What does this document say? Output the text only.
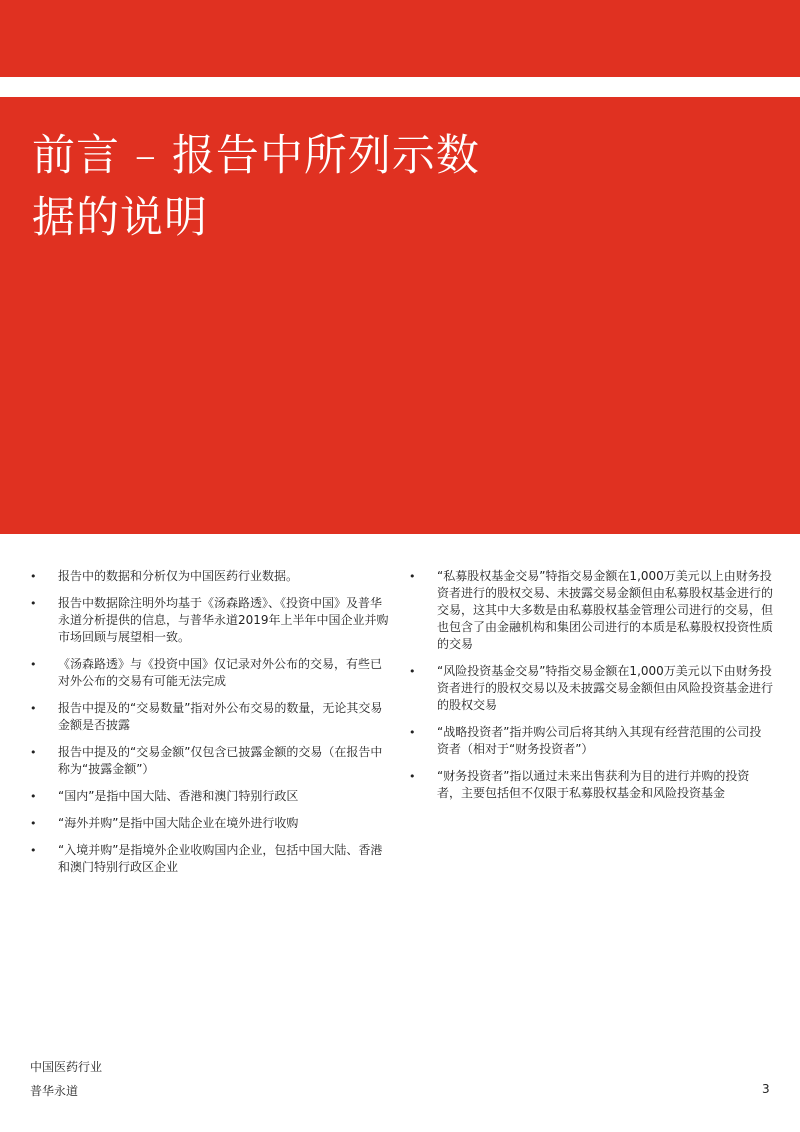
前言 – 报告中所列示数
据的说明
• 报告中的数据和分析仅为中国医药行业数据。
• 报告中数据除注明外均基于《汤森路透》、《投资中国》及普华永道分析提供的信息，与普华永道2019年上半年中国企业并购市场回顾与展望相一致。
• 《汤森路透》与《投资中国》仅记录对外公布的交易，有些已对外公布的交易有可能无法完成
• 报告中提及的“交易数量”指对外公布交易的数量，无论其交易金额是否披露
• 报告中提及的“交易金额”仅包含已披露金额的交易（在报告中称为“披露金额”）
• “国内”是指中国大陆、香港和澳门特别行政区
• “海外并购”是指中国大陆企业在境外进行收购
• “入境并购”是指境外企业收购国内企业，包括中国大陆、香港和澳门特别行政区企业
• “私募股权基金交易”特指交易金额在1,000万美元以上由财务投资者进行的股权交易、未披露交易金额但由私募股权基金进行的交易，这其中大多数是由私募股权基金管理公司进行的交易，但也包含了由金融机构和集团公司进行的本质是私募股权投资性质的交易
• “风险投资基金交易”特指交易金额在1,000万美元以下由财务投资者进行的股权交易以及未披露交易金额但由风险投资基金进行的股权交易
• “战略投资者”指并购公司后将其纳入其现有经营范围的公司投资者（相对于“财务投资者”）
• “财务投资者”指以通过未来出售获利为目的进行并购的投资者，主要包括但不仅限于私募股权基金和风险投资基金
中国医药行业
普华永道	3
